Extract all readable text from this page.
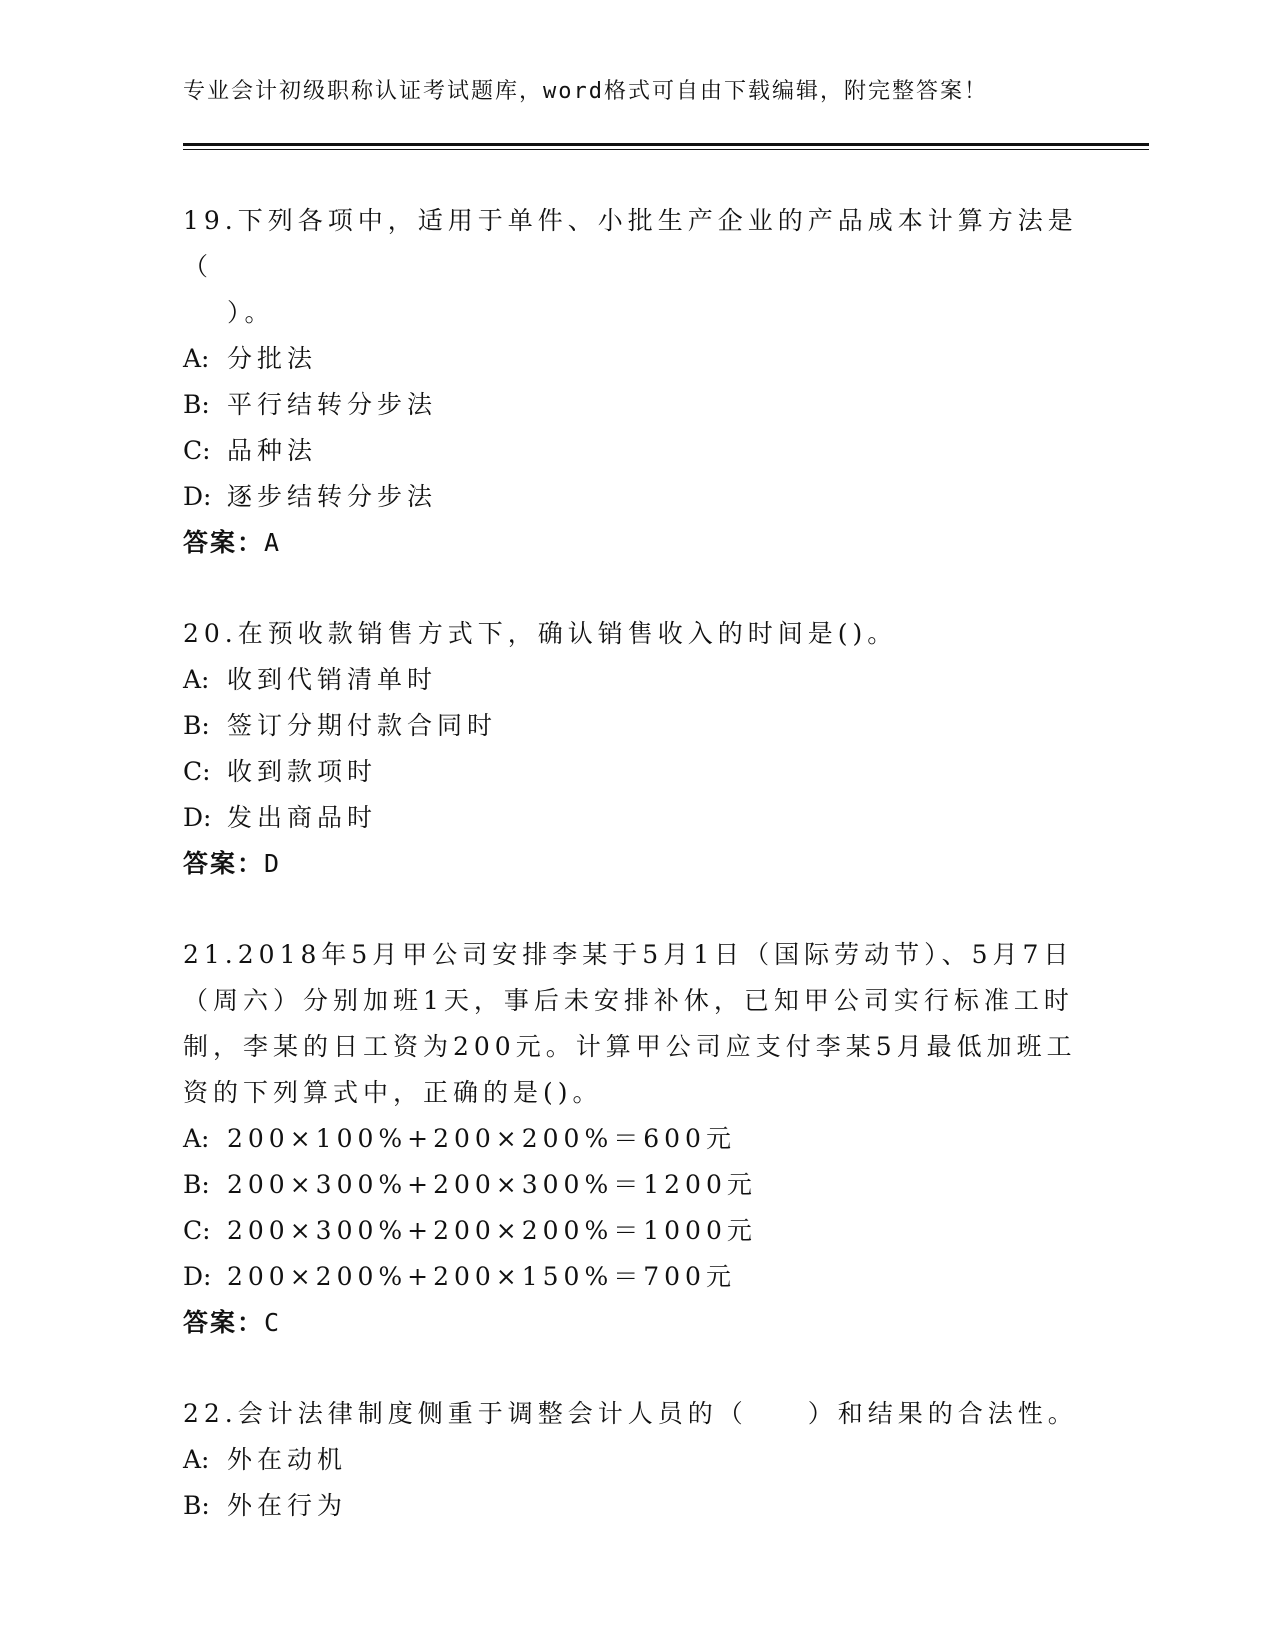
专业会计初级职称认证考试题库，word格式可自由下载编辑，附完整答案！
19.下列各项中，适用于单件、小批生产企业的产品成本计算方法是（
）。
A: 分批法
B: 平行结转分步法
C: 品种法
D: 逐步结转分步法
答案：A
20.在预收款销售方式下，确认销售收入的时间是()。
A: 收到代销清单时
B: 签订分期付款合同时
C: 收到款项时
D: 发出商品时
答案：D
21.2018年5月甲公司安排李某于5月1日（国际劳动节）、5月7日
（周六）分别加班1天，事后未安排补休，已知甲公司实行标准工时
制，李某的日工资为200元。计算甲公司应支付李某5月最低加班工
资的下列算式中，正确的是()。
A: 200×100%+200×200%＝600元
B: 200×300%+200×300%＝1200元
C: 200×300%+200×200%＝1000元
D: 200×200%+200×150%＝700元
答案：C
22.会计法律制度侧重于调整会计人员的（　　）和结果的合法性。
A: 外在动机
B: 外在行为
